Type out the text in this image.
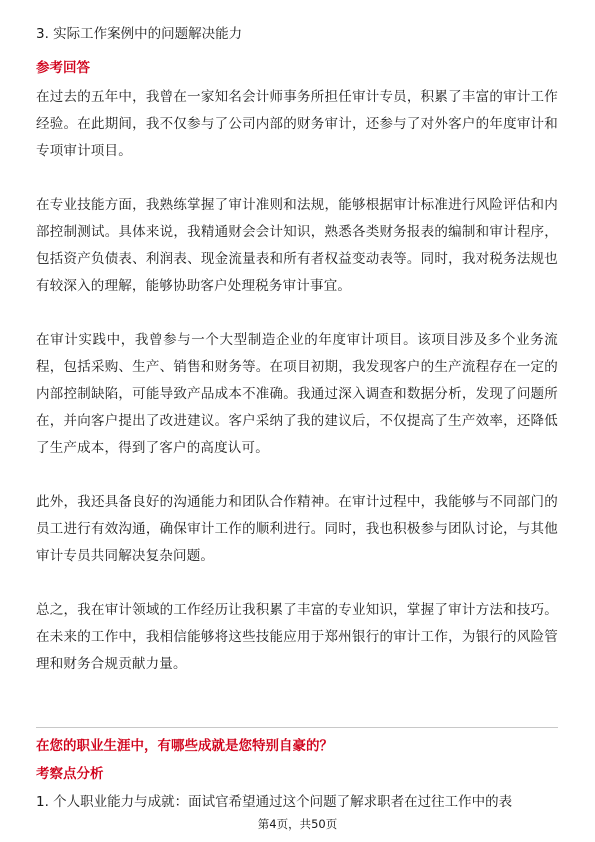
3. 实际工作案例中的问题解决能力
参考回答

在过去的五年中，我曾在一家知名会计师事务所担任审计专员，积累了丰富的审计工作经验。在此期间，我不仅参与了公司内部的财务审计，还参与了对外客户的年度审计和专项审计项目。

在专业技能方面，我熟练掌握了审计准则和法规，能够根据审计标准进行风险评估和内部控制测试。具体来说，我精通财会会计知识，熟悉各类财务报表的编制和审计程序，包括资产负债表、利润表、现金流量表和所有者权益变动表等。同时，我对税务法规也有较深入的理解，能够协助客户处理税务审计事宜。

在审计实践中，我曾参与一个大型制造企业的年度审计项目。该项目涉及多个业务流程，包括采购、生产、销售和财务等。在项目初期，我发现客户的生产流程存在一定的内部控制缺陷，可能导致产品成本不准确。我通过深入调查和数据分析，发现了问题所在，并向客户提出了改进建议。客户采纳了我的建议后，不仅提高了生产效率，还降低了生产成本，得到了客户的高度认可。

此外，我还具备良好的沟通能力和团队合作精神。在审计过程中，我能够与不同部门的员工进行有效沟通，确保审计工作的顺利进行。同时，我也积极参与团队讨论，与其他审计专员共同解决复杂问题。

总之，我在审计领域的工作经历让我积累了丰富的专业知识，掌握了审计方法和技巧。在未来的工作中，我相信能够将这些技能应用于郑州银行的审计工作，为银行的风险管理和财务合规贡献力量。

在您的职业生涯中，有哪些成就是您特别自豪的？
考察点分析
1. 个人职业能力与成就：面试官希望通过这个问题了解求职者在过往工作中的表
第4页，共50页
